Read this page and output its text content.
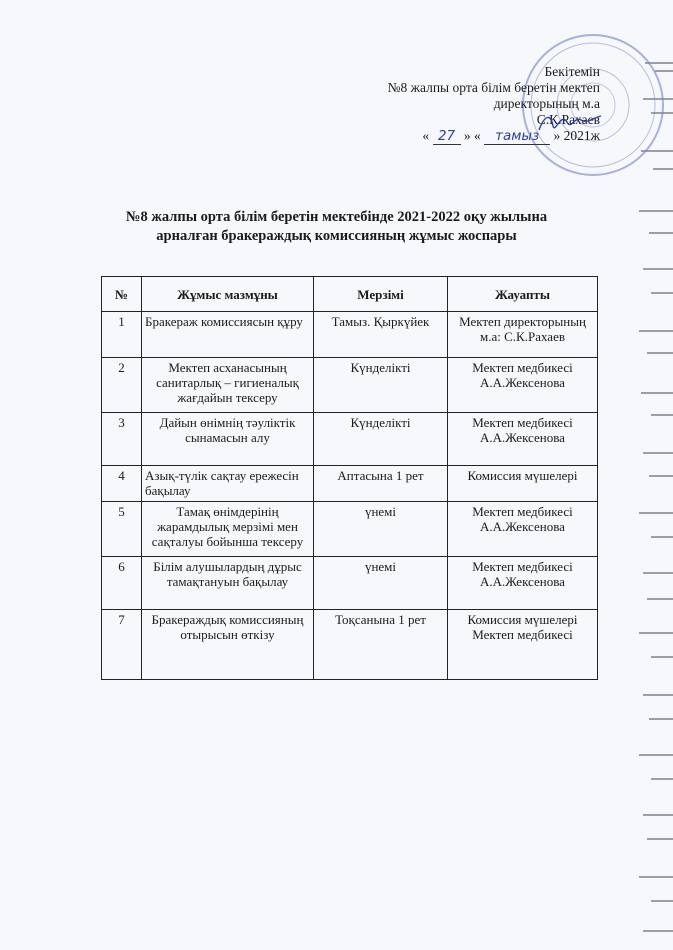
Бекітемін
№8 жалпы орта білім беретін мектеп
директорының м.а
С.К.Рахаев
« 27 » « тамыз » 2021ж
№8 жалпы орта білім беретін мектебінде 2021-2022 оқу жылына
арналған бракераждық комиссияның жұмыс жоспары
№	Жұмыс мазмұны	Мерзімі	Жауапты
1	Бракераж комиссиясын құру	Тамыз. Қыркүйек	Мектеп директорының м.а: С.К.Рахаев
2	Мектеп асханасының санитарлық – гигиеналық жағдайын тексеру	Күнделікті	Мектеп медбикесі А.А.Жексенова
3	Дайын өнімнің тәуліктік сынамасын алу	Күнделікті	Мектеп медбикесі А.А.Жексенова
4	Азық-түлік сақтау ережесін бақылау	Аптасына 1 рет	Комиссия мүшелері
5	Тамақ өнімдерінің жарамдылық мерзімі мен сақталуы бойынша тексеру	үнемі	Мектеп медбикесі А.А.Жексенова
6	Білім алушылардың дұрыс тамақтануын бақылау	үнемі	Мектеп медбикесі А.А.Жексенова
7	Бракераждық комиссияның отырысын өткізу	Тоқсанына 1 рет	Комиссия мүшелері Мектеп медбикесі
